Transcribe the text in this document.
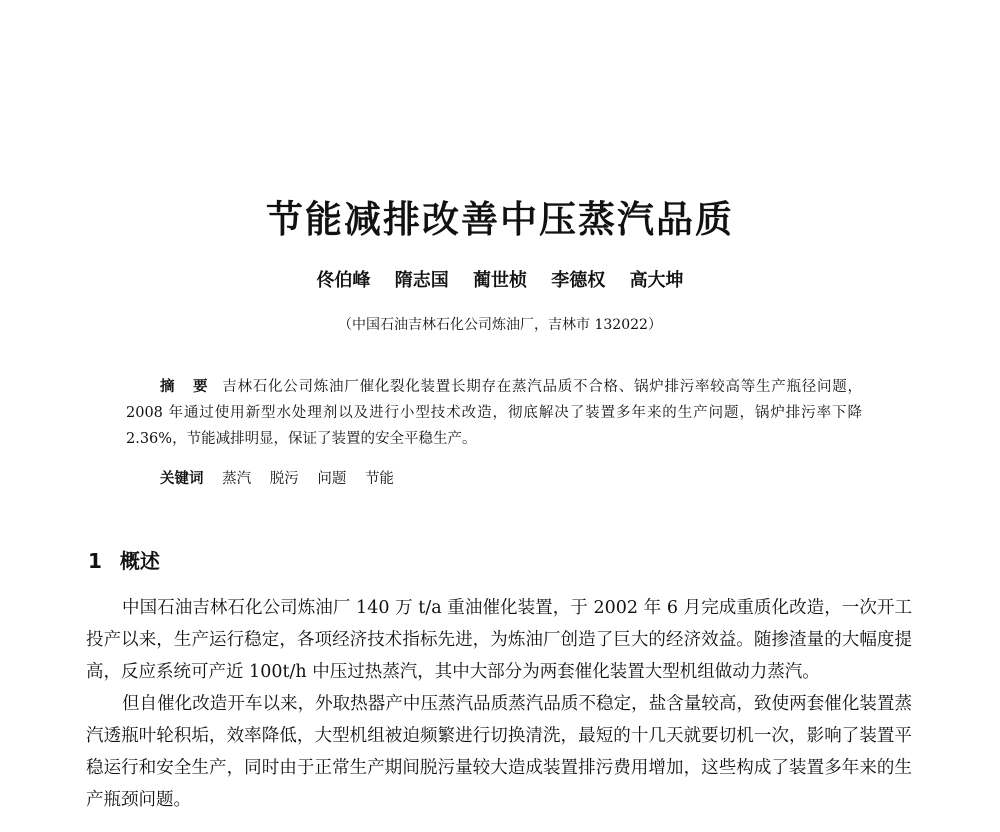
节能减排改善中压蒸汽品质
佟伯峰 隋志国 蔺世桢 李德权 高大坤
（中国石油吉林石化公司炼油厂，吉林市 132022）
摘 要 吉林石化公司炼油厂催化裂化装置长期存在蒸汽品质不合格、锅炉排污率较高等生产瓶径问题，2008 年通过使用新型水处理剂以及进行小型技术改造，彻底解决了装置多年来的生产问题，锅炉排污率下降 2.36%，节能减排明显，保证了装置的安全平稳生产。
关键词 蒸汽 脱污 问题 节能
1 概述

中国石油吉林石化公司炼油厂 140 万 t/a 重油催化装置，于 2002 年 6 月完成重质化改造，一次开工投产以来，生产运行稳定，各项经济技术指标先进，为炼油厂创造了巨大的经济效益。随掺渣量的大幅度提高，反应系统可产近 100t/h 中压过热蒸汽，其中大部分为两套催化装置大型机组做动力蒸汽。

但自催化改造开车以来，外取热器产中压蒸汽品质蒸汽品质不稳定，盐含量较高，致使两套催化装置蒸汽透瓶叶轮积垢，效率降低，大型机组被迫频繁进行切换清洗，最短的十几天就要切机一次，影响了装置平稳运行和安全生产，同时由于正常生产期间脱污量较大造成装置排污费用增加，这些构成了装置多年来的生产瓶颈问题。
